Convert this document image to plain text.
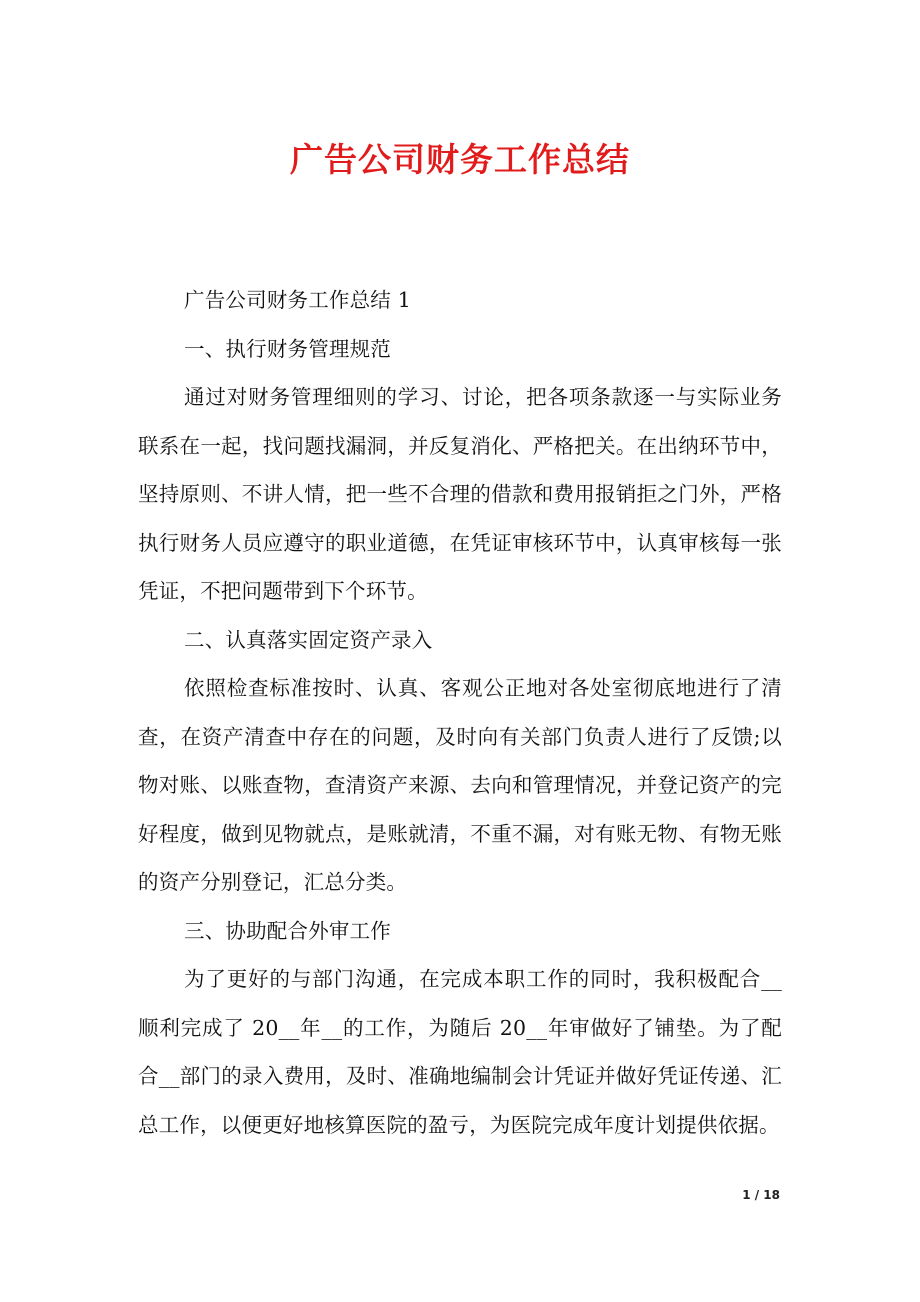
广告公司财务工作总结

广告公司财务工作总结 1

一、执行财务管理规范

通过对财务管理细则的学习、讨论，把各项条款逐一与实际业务联系在一起，找问题找漏洞，并反复消化、严格把关。在出纳环节中，坚持原则、不讲人情，把一些不合理的借款和费用报销拒之门外，严格执行财务人员应遵守的职业道德，在凭证审核环节中，认真审核每一张凭证，不把问题带到下个环节。

二、认真落实固定资产录入

依照检查标准按时、认真、客观公正地对各处室彻底地进行了清查，在资产清查中存在的问题，及时向有关部门负责人进行了反馈;以物对账、以账查物，查清资产来源、去向和管理情况，并登记资产的完好程度，做到见物就点，是账就清，不重不漏，对有账无物、有物无账的资产分别登记，汇总分类。

三、协助配合外审工作

为了更好的与部门沟通，在完成本职工作的同时，我积极配合__顺利完成了 20__年__的工作，为随后 20__年审做好了铺垫。为了配合__部门的录入费用，及时、准确地编制会计凭证并做好凭证传递、汇总工作，以便更好地核算医院的盈亏，为医院完成年度计划提供依据。

1 / 18
